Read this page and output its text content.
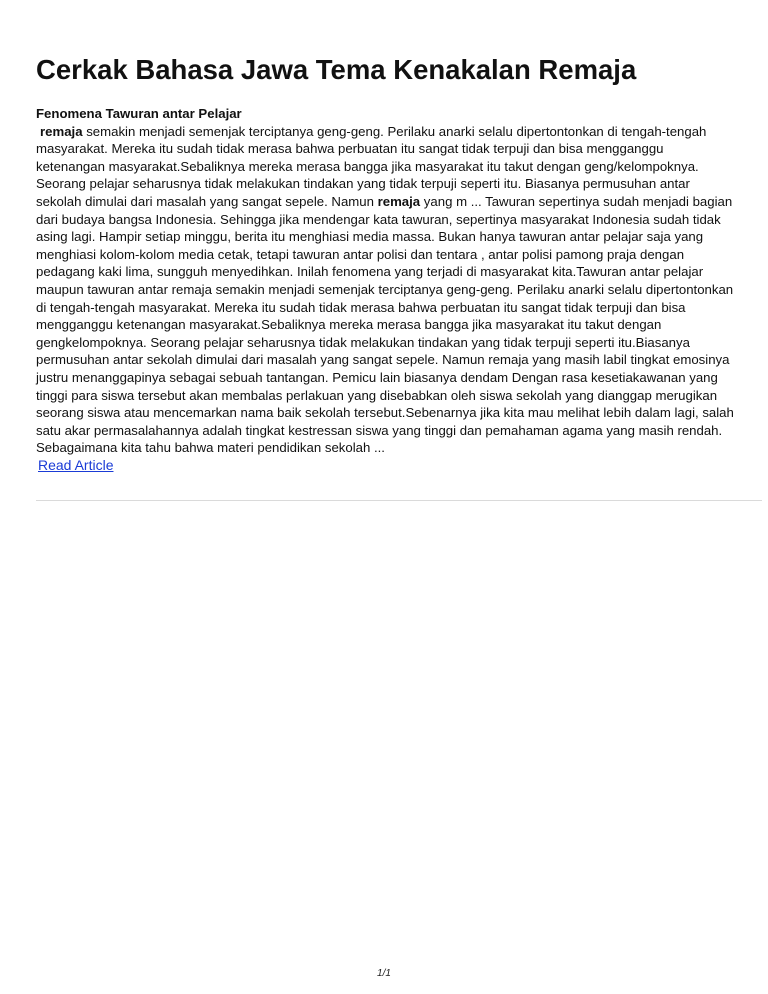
Cerkak Bahasa Jawa Tema Kenakalan Remaja
Fenomena Tawuran antar Pelajar

remaja semakin menjadi semenjak terciptanya geng-geng. Perilaku anarki selalu dipertontonkan di tengah-tengah masyarakat. Mereka itu sudah tidak merasa bahwa perbuatan itu sangat tidak terpuji dan bisa mengganggu ketenangan masyarakat.Sebaliknya mereka merasa bangga jika masyarakat itu takut dengan geng/kelompoknya. Seorang pelajar seharusnya tidak melakukan tindakan yang tidak terpuji seperti itu. Biasanya permusuhan antar sekolah dimulai dari masalah yang sangat sepele. Namun remaja yang m ... Tawuran sepertinya sudah menjadi bagian dari budaya bangsa Indonesia. Sehingga jika mendengar kata tawuran, sepertinya masyarakat Indonesia sudah tidak asing lagi. Hampir setiap minggu, berita itu menghiasi media massa. Bukan hanya tawuran antar pelajar saja yang menghiasi kolom-kolom media cetak, tetapi tawuran antar polisi dan tentara , antar polisi pamong praja dengan pedagang kaki lima, sungguh menyedihkan. Inilah fenomena yang terjadi di masyarakat kita.Tawuran antar pelajar maupun tawuran antar remaja semakin menjadi semenjak terciptanya geng-geng. Perilaku anarki selalu dipertontonkan di tengah-tengah masyarakat. Mereka itu sudah tidak merasa bahwa perbuatan itu sangat tidak terpuji dan bisa mengganggu ketenangan masyarakat.Sebaliknya mereka merasa bangga jika masyarakat itu takut dengan gengkelompoknya. Seorang pelajar seharusnya tidak melakukan tindakan yang tidak terpuji seperti itu.Biasanya permusuhan antar sekolah dimulai dari masalah yang sangat sepele. Namun remaja yang masih labil tingkat emosinya justru menanggapinya sebagai sebuah tantangan. Pemicu lain biasanya dendam Dengan rasa kesetiakawanan yang tinggi para siswa tersebut akan membalas perlakuan yang disebabkan oleh siswa sekolah yang dianggap merugikan seorang siswa atau mencemarkan nama baik sekolah tersebut.Sebenarnya jika kita mau melihat lebih dalam lagi, salah satu akar permasalahannya adalah tingkat kestressan siswa yang tinggi dan pemahaman agama yang masih rendah. Sebagaimana kita tahu bahwa materi pendidikan sekolah ...

Read Article
1/1
